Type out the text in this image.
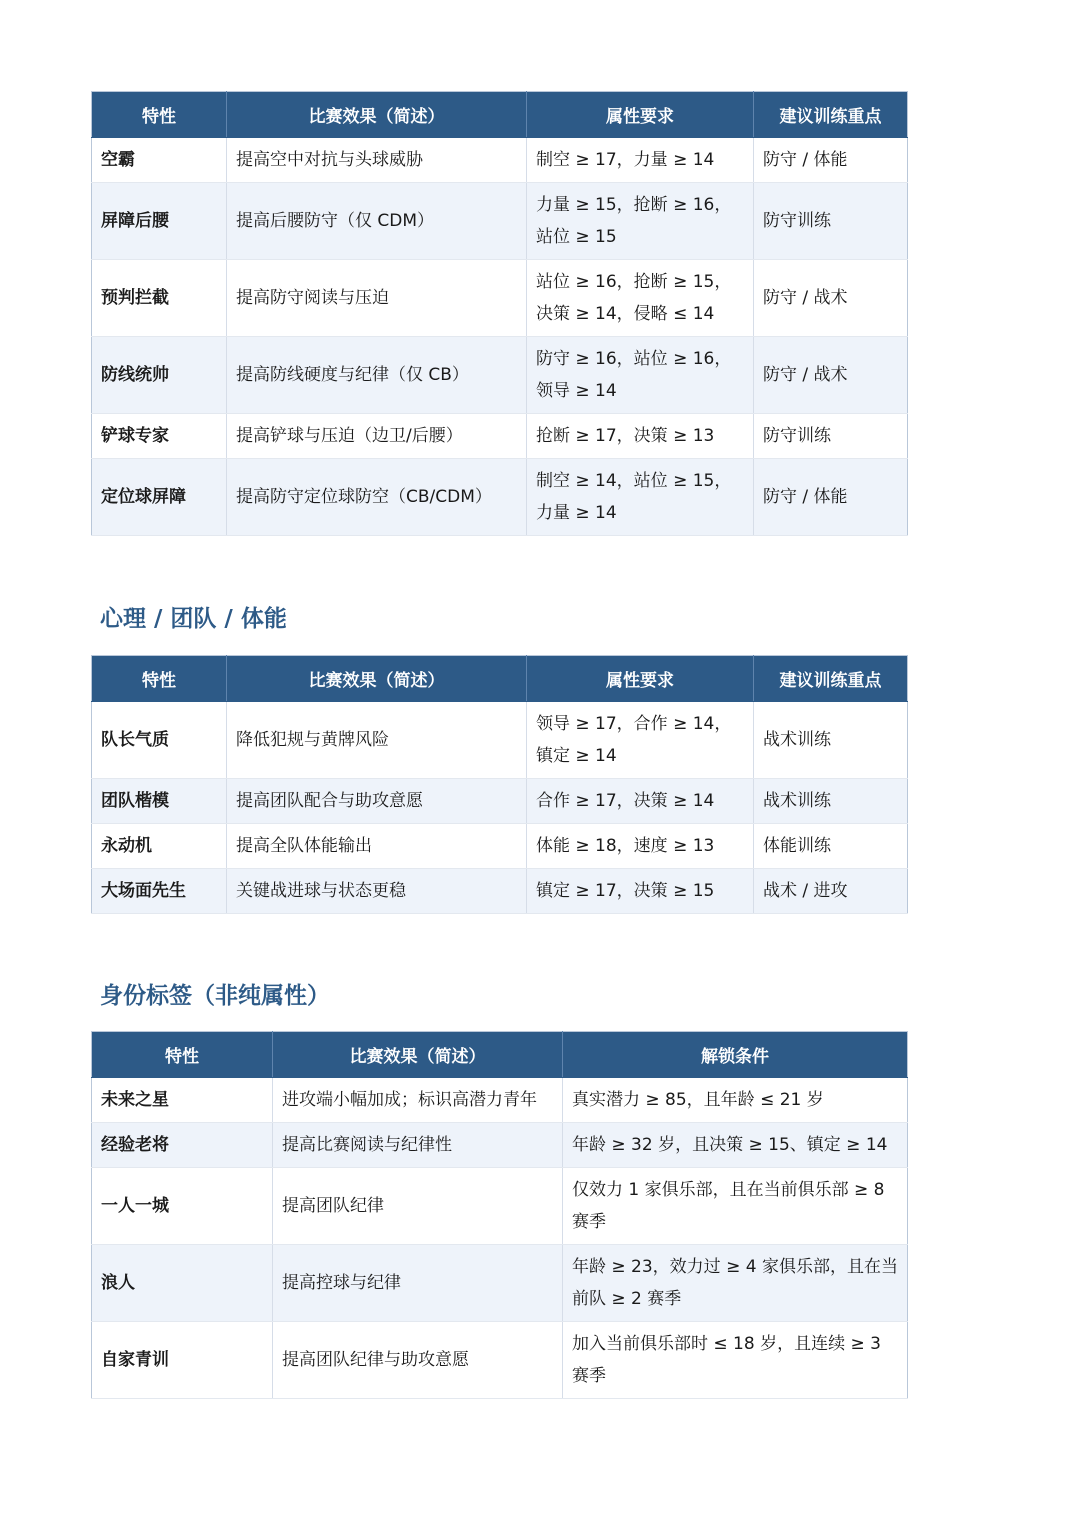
特性	比赛效果（简述）	属性要求	建议训练重点
空霸	提高空中对抗与头球威胁	制空 ≥ 17，力量 ≥ 14	防守 / 体能
屏障后腰	提高后腰防守（仅 CDM）	力量 ≥ 15，抢断 ≥ 16，站位 ≥ 15	防守训练
预判拦截	提高防守阅读与压迫	站位 ≥ 16，抢断 ≥ 15，决策 ≥ 14，侵略 ≤ 14	防守 / 战术
防线统帅	提高防线硬度与纪律（仅 CB）	防守 ≥ 16，站位 ≥ 16，领导 ≥ 14	防守 / 战术
铲球专家	提高铲球与压迫（边卫/后腰）	抢断 ≥ 17，决策 ≥ 13	防守训练
定位球屏障	提高防守定位球防空（CB/CDM）	制空 ≥ 14，站位 ≥ 15，力量 ≥ 14	防守 / 体能
心理 / 团队 / 体能
特性	比赛效果（简述）	属性要求	建议训练重点
队长气质	降低犯规与黄牌风险	领导 ≥ 17，合作 ≥ 14，镇定 ≥ 14	战术训练
团队楷模	提高团队配合与助攻意愿	合作 ≥ 17，决策 ≥ 14	战术训练
永动机	提高全队体能输出	体能 ≥ 18，速度 ≥ 13	体能训练
大场面先生	关键战进球与状态更稳	镇定 ≥ 17，决策 ≥ 15	战术 / 进攻
身份标签（非纯属性）
特性	比赛效果（简述）	解锁条件
未来之星	进攻端小幅加成；标识高潜力青年	真实潜力 ≥ 85，且年龄 ≤ 21 岁
经验老将	提高比赛阅读与纪律性	年龄 ≥ 32 岁，且决策 ≥ 15、镇定 ≥ 14
一人一城	提高团队纪律	仅效力 1 家俱乐部，且在当前俱乐部 ≥ 8 赛季
浪人	提高控球与纪律	年龄 ≥ 23，效力过 ≥ 4 家俱乐部，且在当前队 ≥ 2 赛季
自家青训	提高团队纪律与助攻意愿	加入当前俱乐部时 ≤ 18 岁，且连续 ≥ 3 赛季
